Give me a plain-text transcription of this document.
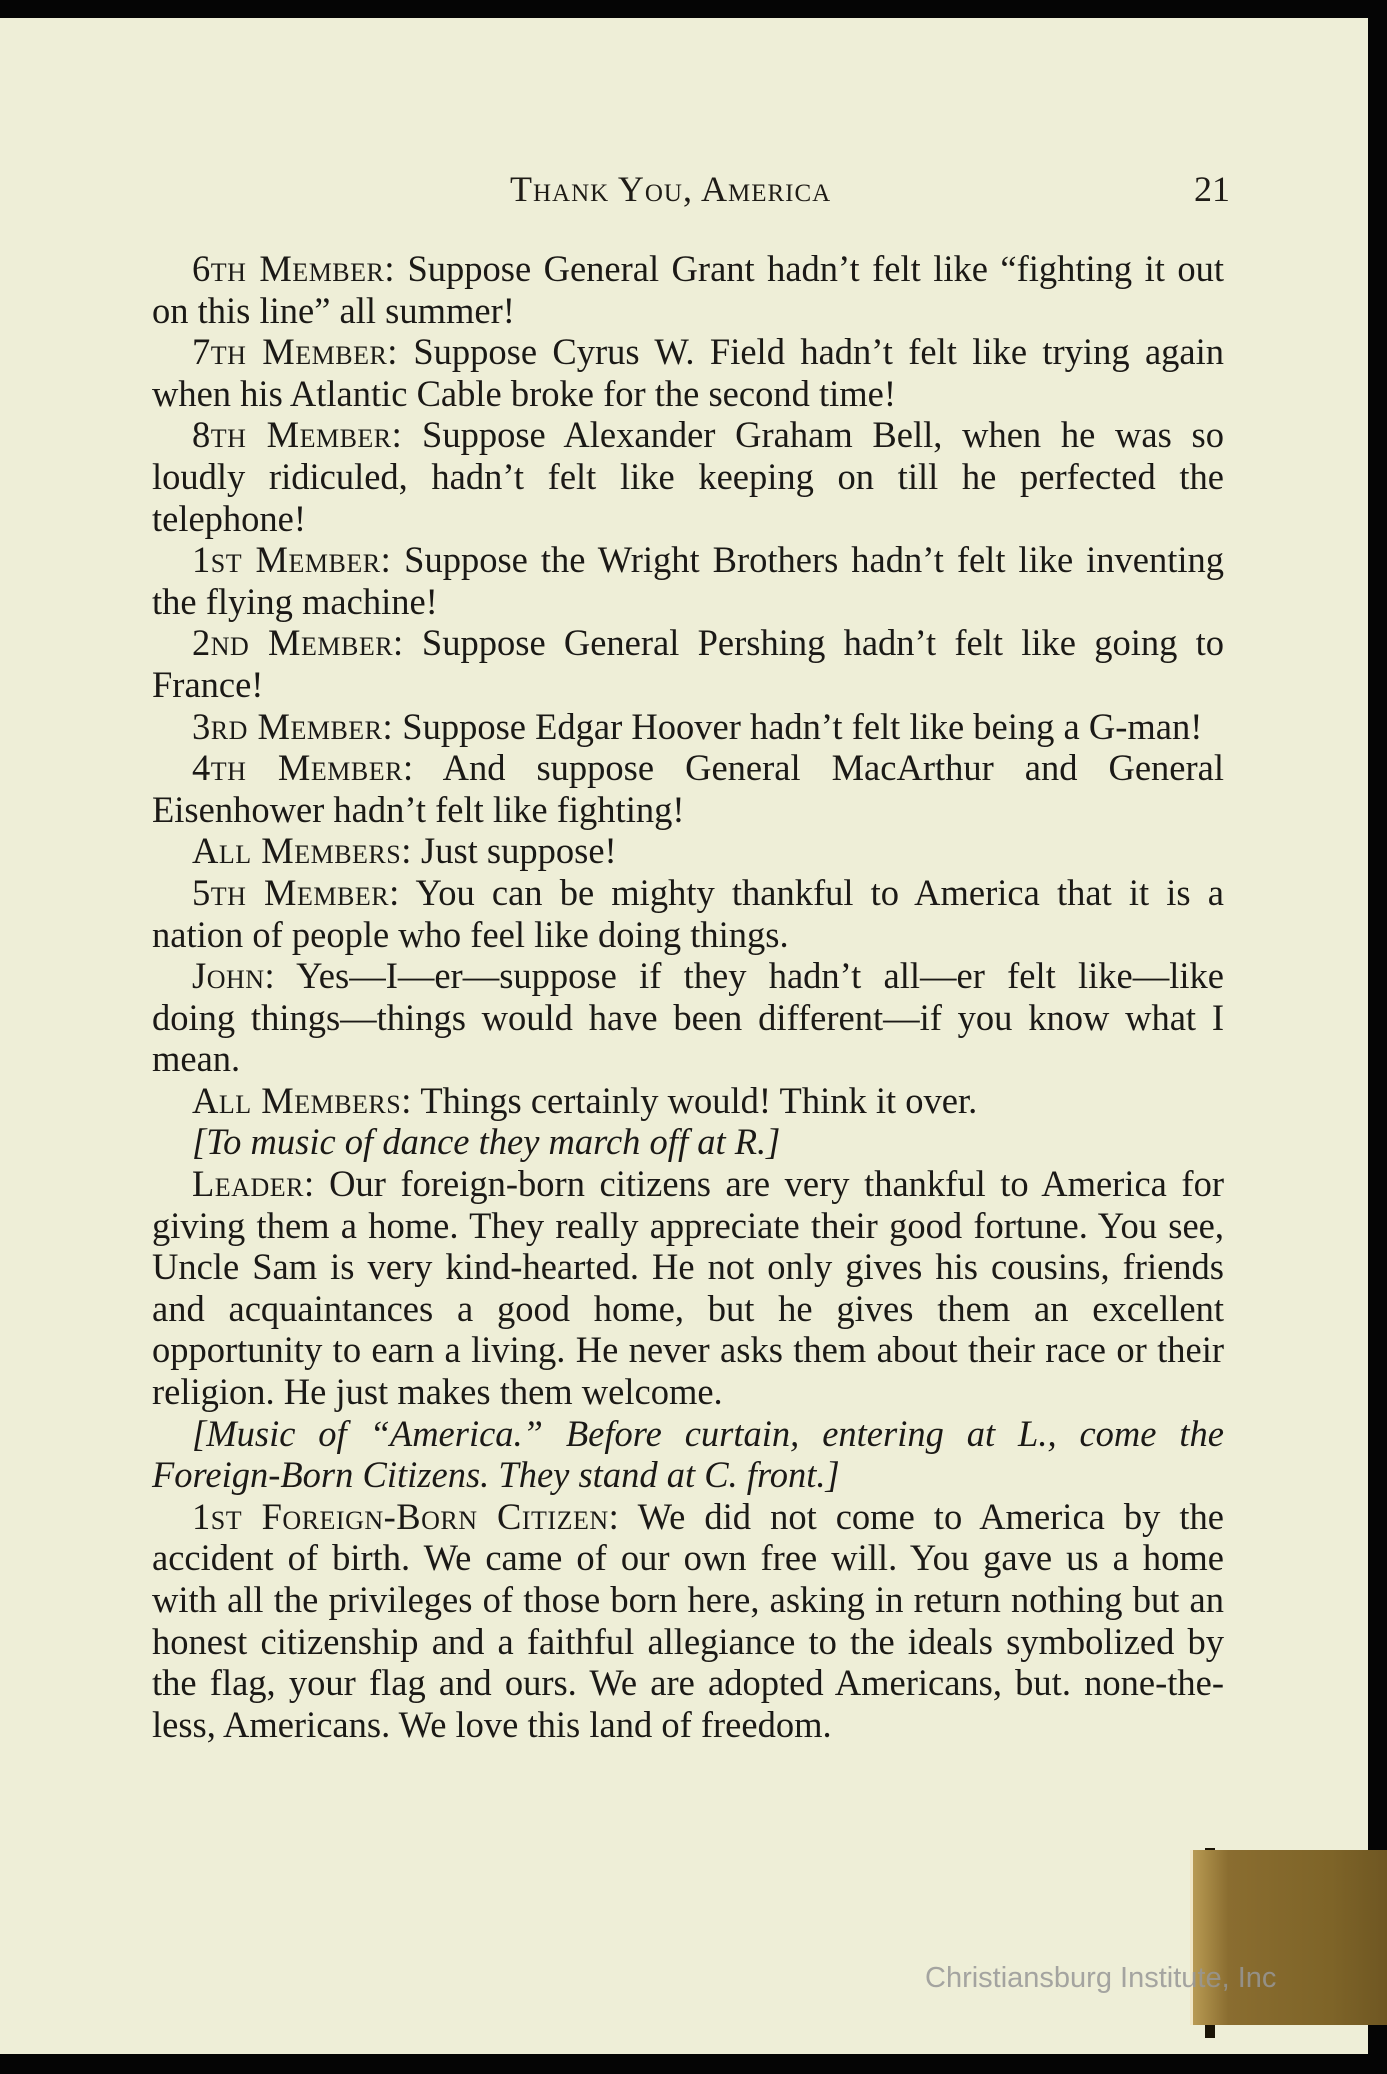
Thank You, America	21

6th Member: Suppose General Grant hadn’t felt like “fighting it out on this line” all summer!

7th Member: Suppose Cyrus W. Field hadn’t felt like trying again when his Atlantic Cable broke for the second time!

8th Member: Suppose Alexander Graham Bell, when he was so loudly ridiculed, hadn’t felt like keeping on till he perfected the telephone!

1st Member: Suppose the Wright Brothers hadn’t felt like inventing the flying machine!

2nd Member: Suppose General Pershing hadn’t felt like going to France!

3rd Member: Suppose Edgar Hoover hadn’t felt like being a G-man!

4th Member: And suppose General MacArthur and General Eisenhower hadn’t felt like fighting!

All Members: Just suppose!

5th Member: You can be mighty thankful to America that it is a nation of people who feel like doing things.

John: Yes—I—er—suppose if they hadn’t all—er felt like—like doing things—things would have been different—if you know what I mean.

All Members: Things certainly would! Think it over.

[To music of dance they march off at R.]

Leader: Our foreign-born citizens are very thankful to America for giving them a home. They really appreciate their good fortune. You see, Uncle Sam is very kind-hearted. He not only gives his cousins, friends and acquaintances a good home, but he gives them an excellent opportunity to earn a living. He never asks them about their race or their religion. He just makes them welcome.

[Music of “America.” Before curtain, entering at L., come the Foreign-Born Citizens. They stand at C. front.]

1st Foreign-Born Citizen: We did not come to America by the accident of birth. We came of our own free will. You gave us a home with all the privileges of those born here, asking in return nothing but an honest citizenship and a faithful allegiance to the ideals symbolized by the flag, your flag and ours. We are adopted Americans, but. none-the-less, Americans. We love this land of freedom.

Christiansburg Institute, Inc
